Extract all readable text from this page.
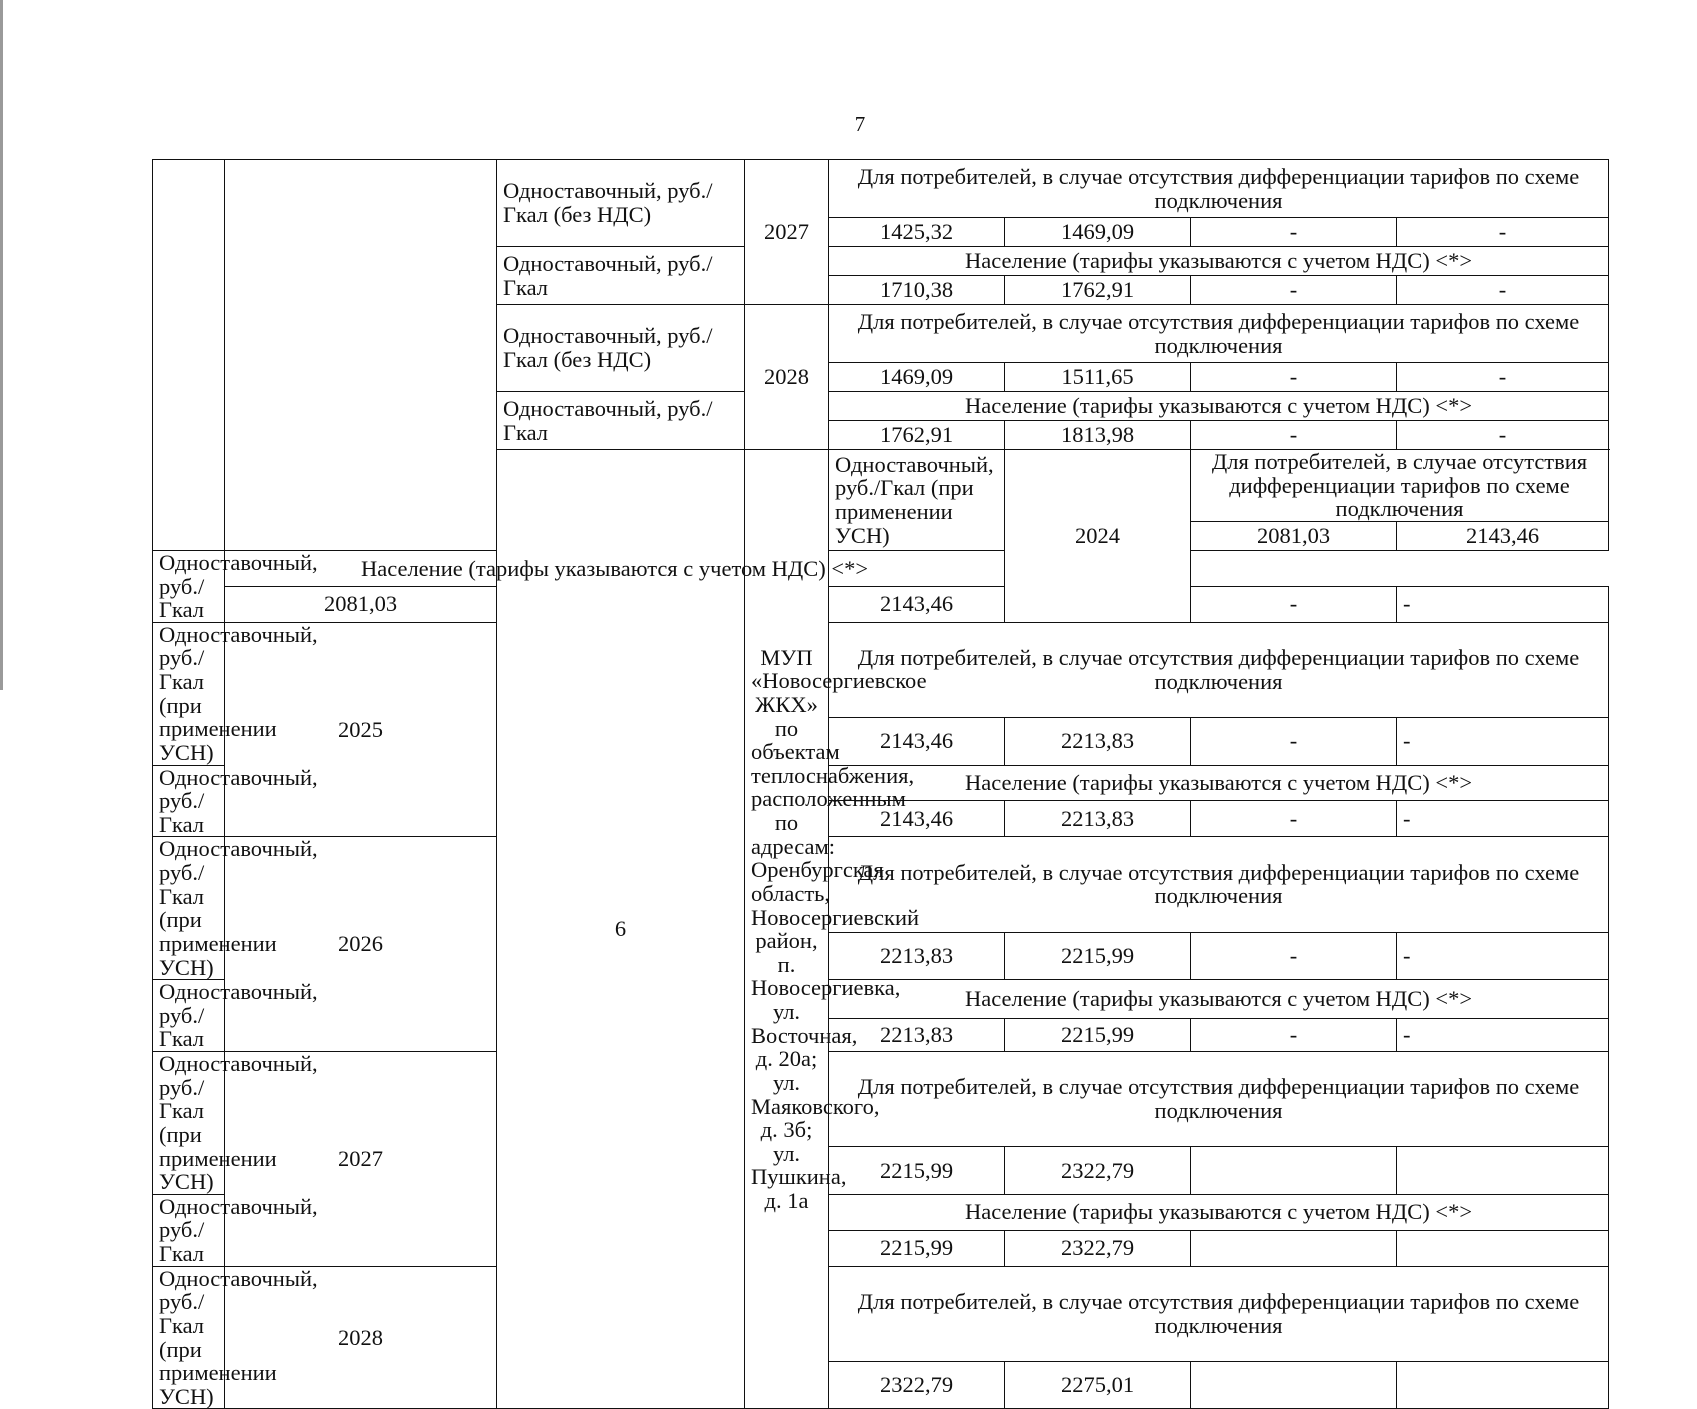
7
		Одноставочный, руб./Гкал (без НДС)	2027	Для потребителей, в случае отсутствия дифференциации тарифов по схеме подключения				
				1425,32	1469,09	-	-	
		Одноставочный, руб./Гкал		Население (тарифы указываются с учетом НДС) <*>				
				1710,38	1762,91	-	-	
		Одноставочный, руб./Гкал (без НДС)	2028	Для потребителей, в случае отсутствия дифференциации тарифов по схеме подключения				
				1469,09	1511,65	-	-	
		Одноставочный, руб./Гкал		Население (тарифы указываются с учетом НДС) <*>				
				1762,91	1813,98	-	-	
		6	МУП «Новосергиевское ЖКХ» по объектам теплоснабжения, расположенным по адресам: Оренбургская область, Новосергиевский район, п. Новосергиевка, ул. Восточная, д. 20а; ул. Маяковского, д. 3б; ул. Пушкина, д. 1а	Одноставочный, руб./Гкал (при применении УСН)	2024	Для потребителей, в случае отсутствия дифференциации тарифов по схеме подключения		
						2081,03	2143,46		
Одноставочный, руб./Гкал	Население (тарифы указываются с учетом НДС) <*>							
	2081,03			2143,46		-	-	
Одноставочный, руб./Гкал (при применении УСН)	2025			Для потребителей, в случае отсутствия дифференциации тарифов по схеме подключения				
				2143,46	2213,83	-	-	
Одноставочный, руб./Гкал				Население (тарифы указываются с учетом НДС) <*>				
				2143,46	2213,83	-	-	
Одноставочный, руб./Гкал (при применении УСН)	2026			Для потребителей, в случае отсутствия дифференциации тарифов по схеме подключения				
				2213,83	2215,99	-	-	
Одноставочный, руб./Гкал				Население (тарифы указываются с учетом НДС) <*>				
				2213,83	2215,99	-	-	
Одноставочный, руб./Гкал (при применении УСН)	2027			Для потребителей, в случае отсутствия дифференциации тарифов по схеме подключения				
				2215,99	2322,79			
Одноставочный, руб./Гкал				Население (тарифы указываются с учетом НДС) <*>				
				2215,99	2322,79			
Одноставочный, руб./Гкал (при применении УСН)	2028			Для потребителей, в случае отсутствия дифференциации тарифов по схеме подключения				
				2322,79	2275,01			
